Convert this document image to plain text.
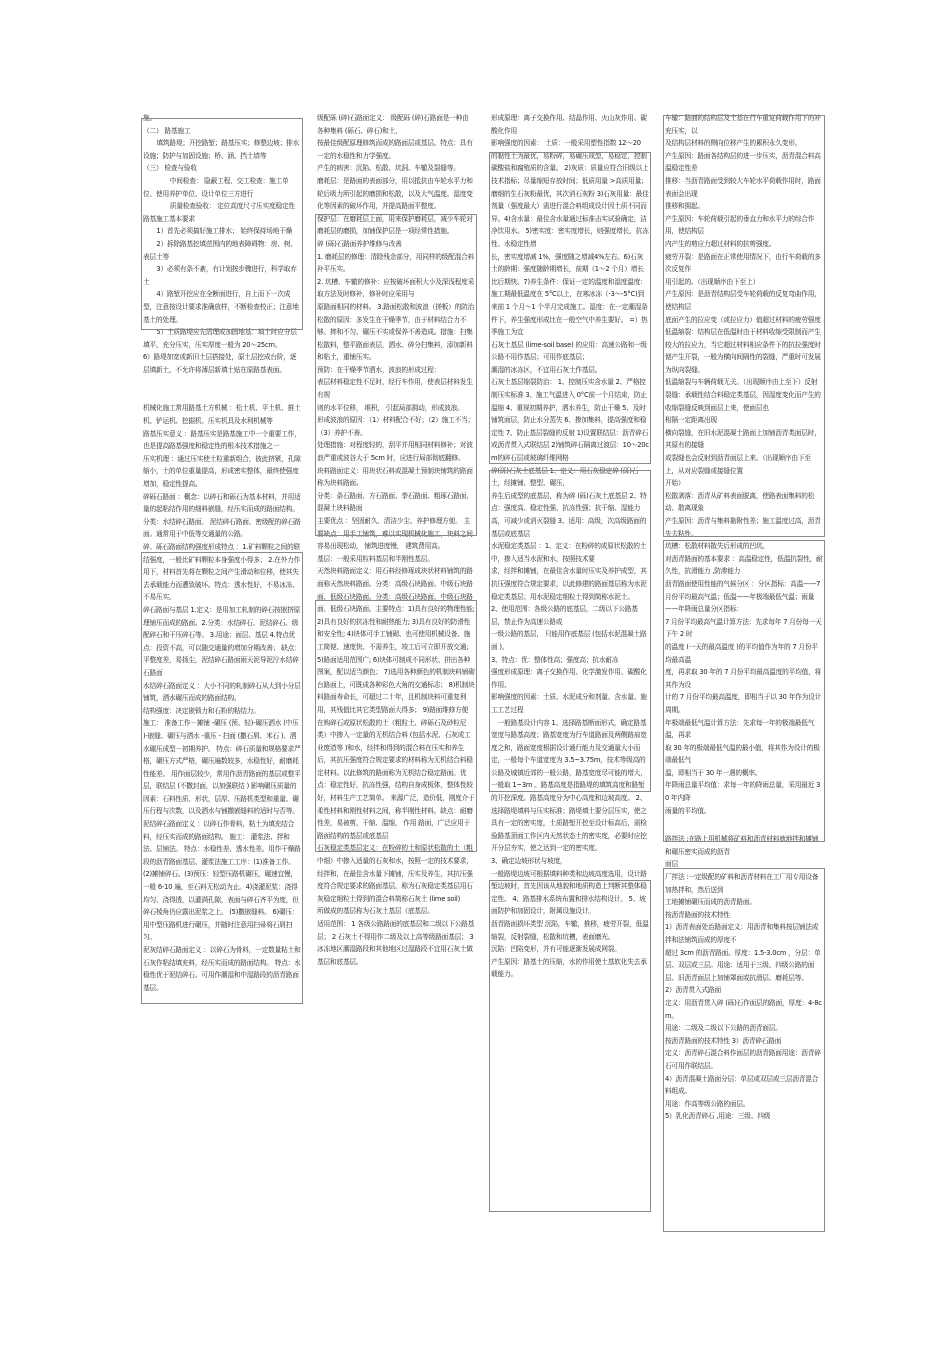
施。

（二） 路基施工

填筑路堤；开挖路堑；路基压实；修整边坡；排水设施；防护与加固设施；桥、涵、挡土墙等

（三） 检查与验收

中间检查： 隐蔽工程、交工检查：施工单位、使用养护单位、设计单位三方进行

质量检查验收： 定位高度尺寸压实度稳定性

路基施工基本要求

1）首先必须搞好施工排水； 始终保持场地干燥

2）拆除路基挖填范围内的地表障碍物：房、树、表层土等

3）必须有条不紊，有计划按步骤进行，科学取弃土

4）路堑开挖应在全断面进行，自上而下一次成型，注意按设计要求准确放样，不断检查校正；注意地基土的处理。

5）土质路堤应先清理或加固地基：填土时应分层填平，充分压实，压实厚度一般为 20～25cm。

6）路堤加宽或新旧土层搭接处，原土层挖成台阶，逐层填新土，不允许将薄层新填土贴在原路基表面。

机械化施工常用路基土方机械 ：松土机、平土机、推土机、铲运机、挖掘机、压实机具及水利机械等

路基压实意义 ：路基压实是路基施工中一个重要工作，也是提高路基强度和稳定性的根本技术措施之一

压实机理 ：通过压实使土粒重新组合，彼此挤紧，孔隙缩小，土的单位重量提高，形成密实整体，最终使强度增加，稳定性提高。

碎砾石路面 ：概念：以碎石和砾石为基本材料，并用适量的起粘结作用的细料嵌缝，经压实而成的路面结构。

分类：水结碎石路面、 泥结碎石路面、密级配的碎石路面。通常用于中低等交通量的公路。

碎、砾石路面结构强度形成特点 ：1.矿料颗粒之间的联结强度，一般比矿料颗粒本身强度小得多； 2.在外力作用下，材料首先将在颗粒之间产生滑动和位移，使其失去承载能力而遭致破坏。特点：透水性好，不易冰冻、不易压实。

碎石路面与基层 1.定义：是用加工轧制的碎石按嵌挤原理铺压而成的路面。2.分类：水结碎石、泥结碎石、级配碎石和干压碎石等。 3.用途：面层、基层 4.特点优点：投资不高，可以随交通量的增加分期改善； 缺点：平整度差，易扬尘，泥结碎石路面雨天泥导泥泞水结碎石路面

水结碎石路面定义 ：大小不同的轧制碎石从大到小分层铺筑，洒水碾压而成的路面结构。

结构强度：决定嵌锁力和石粉的粘结力。

施工： 准备工作－摊铺 -碾压 (预、轻)-碾压洒水 (中压 )-嵌缝、碾压与洒水 -重压 - 扫面 (撒石屑、米石 )、洒水碾压成型－初期养护。 特点：碎石质量和规格要求严格，碾压方式严格，碾压遍数较多，水稳性好，耐磨耗性能差。 用作面层较少，常用作沥青路面的基层或整平层，联结层 (不撒封面，以加强联结 ) 影响碾压质量的因素：石料性质、形状，层厚、压路机类型和重量、碾压行程与次数，以及洒水与铺撒嵌缝料的适时与否等。

泥结碎石路面定义 ：以碎石作骨料，粘土为填充结合料，经压实而成的路面结构。 施工： 灌浆法、拌和法、层铺法。 特点：水稳性差、透水性差。用作干燥路段的沥青路面基层、灌浆法施工工序：(1)准备工作。(2)摊铺碎石。(3)预压：轻型压路机碾压，碾速宜慢，一般 6-10 遍，至石料无松动为止。4)浇灌泥浆：浇得均匀、浇得透，以灌满孔隙，表面与碎石齐平为度，但碎石棱角仍应露出泥浆之上。 (5)撒嵌缝料。 6)碾压：用中型压路机进行碾压，并随时注意用扫帚将石屑扫匀。

泥灰结碎石路面定义 ：以碎石为骨料，一定数量粘土和石灰作粘结填充料，经压实而成的路面结构。 特点：水稳性优于泥结碎石。可用作潮湿和中湿路段的沥青路面基层。

级配砾 (碎)石路面定义： 级配砾 (碎)石路面是一种由各种集料 (砾石、碎石)和土，

按最佳级配原理修筑而成的路面层或基层。特点：具有一定的水稳性和力学强度。

产生的病害：沉陷、松散、坑洞、车辙及裂缝等。

磨耗层：是路面的表面部分，用以抵抗由车轮水平力和轮后吸力所引起的磨损和松散，以及大气温度、湿度变化等因素的破坏作用，并提高路面平整度。

保护层：在磨耗层上面，用来保护磨耗层，减少车轮对磨耗层的磨损，加铺保护层是一项经常性措施。

碎 (砾)石路面养护维修与改善

1. 磨耗层的修理：清除残余部分，用同样的级配混合料补平压实。

2. 坑槽、车辙的修补：应按破坏面积大小及深浅程度采取方法及时修补，修补时应采用与

原路面相同的材料。 3.路面松散和波浪（搓板）的防治

松散的原因：多发生在干燥季节，由于材料结合力不够、摔和不匀、碾压不实或保养不善造成。措施：扫集松散料，整平路面表层，洒水、碎分扫集料，添加新料和粘土，重铺压实。

预防：在干燥季节洒水，波浪的形成过程：

表层材料稳定性不足时，经行车作用，使表层材料发生有规

则的水平位移， 堆积， 引起局部拥动，形成波浪。

形成波浪的原因：（1）材料配合不好；（2）施工不当；（3）养护不善。

处理措施：对程度轻的，刮平并用相同材料修补；对波浪严重或波谷大于 5cm 时，应进行局部彻底翻修。

块料路面定义：用块状石料或混凝土预制块铺筑的路面称为块料路面。

分类：条石路面、方石路面、拳石路面、粗琢石路面、混凝土块料路面

主要优点 ：坚固耐久、清洁少尘、养护修理方便。 主要缺点：用手工铺筑，难以实现机械化施工，块料之间容易出现松动， 铺筑进度慢， 建筑费用高。

基层：一般采用粒料基层和半刚性基层。

天然块料路面定义：用石料经修琢成块状材料铺筑的路面称天然块料路面。分类：高级石块路面、中级石块路面、低级石块路面。分类：高级石块路面、中级石块路面、低级石块路面。主要特点：1)具有良好的物理性能; 2)具有良好的抗冻性和耐热能力; 3)具有良好的防滑性和安全性; 4)块体可手工铺砌、也可使用机械设备、施工简便、速度快、不需养生，竣工后可立即开放交通； 5)路面适用范围广; 6)块体可制成不同形状、拼出各种图案，配以适当颜色； 7)选用各种颜色的机制块料铺砌台路面上，可既成各种彩色大角的交通标志； 8)机制块料路面寿命长，可超过二十年，且机制块料可重复利用，其残值比其它类型路面大得多； 9)路面维修方便

在购碎石或原状松散的土（粗粒土、碎砾石及砂粒尼类）中掺入一定量的无机结合料 (包括水泥、石灰或工业废渣等 )和水，经拌和得到的混合料在压实和养生后，其抗压强度符合规定要求的材料称为无机结合料稳定材料。以此修筑的路面称为无机结合稳定路面。优点：稳定性好，抗冻性强，结构自身成板体，整体性较好，材料生产工艺简单。 来源广泛，造价低，刚度介于柔性材料和刚性材料之间，称半刚性材料。缺点：耐磨性差，易被剪，干缩、温缩， 作用 路面，广泛应用于路面结构的基层或底基层

石灰稳定类基层定义：在粉碎的土和原状松散的土（粗中细）中掺入适量的石灰和水，按照一定的技术要求，经拌和，在最佳含水量下摊铺，压实及养生，其抗压强度符合规定要求的路面基层，称为石灰稳定类基层用石灰稳定细粒土得到的混合料简称石灰土 (lime soil)

所做成的基层称为石灰土基层（底基层。

适用范围： 1 各级公路路面的底基层和二级以下公路基层； 2 石灰土不得用作二级及以上高等级路面基层； 3 冰冻地区潮湿路段和其他地区过湿路段不宜用石灰土做基层和底基层。

形成原理：离子交换作用、结晶作用、火山灰作用、碳酸化作用

影响强度的因素： 土质：一般采用塑性指数 12～20 的黏性土为最优，易粉碎，易碾压成型，易稳定，控制碳酸盐和腐殖质的含量。 2)灰质：质量应符合旧级以上技术指标；尽量缩短存放时间；低质用量 >高质用量；磨细的生石灰粉最优，其次消石灰粉 3)石灰用量：最佳剂量（强度最大）需进行混合料组成设计因土质不同而异。4)含水量：最佳含水量通过标准击实试验确定，洁净饮用水。 5)密实度：密实度增长，则强度增长，抗冻性、水稳定性增

长，密实度增减 1%，强度随之增减4%左右。6)石灰土的龄期：强度随龄期增长，前期（1～2 个月）增长比后期快。7)养生条件：保证一定的温度和湿度温度：施工期最低温度在 5°C以上，在寒冰冻（-3～-5°C)到来前 1 个月～1 个半月完成施工。湿度：在一定潮湿条件下，养生强度形成比在一般空气中养生要好。 =）热季施工为宜

石灰土基层 (lime-soil base) 的应用：高速公路和一级公路不用作基层；可用作底基层；

潮湿的冰冻区，不宜用石灰土作基层。

石灰土基层缩裂防治： 1、控制压实含水量 2、严格控制压实标准 3、施工气温进入 0°C前一个月结束，防止温缩 4、重视初期养护，洒水养生，防止干燥 5、及时铺筑面层，防止水分蒸失 6、掺加集料，提高强度和稳定性 7、防止基层裂缝的反射 1)设置联结层：沥青碎石或沥青贯入式联结层 2)铺筑碎石隔离过渡层：10～20cm的碎石层或玻璃纤维网格

碎(砾)石灰土底基层 1、定义：用石灰稳定碎 (砾)石土，经摊铺、整型、碾压，

养生后成型的底基层，称为碎 (砾)石灰土底基层 2、特点：强度高、稳定性强、抗冻性强；抗干缩、湿能力高，可减少或消灭裂缝 3、适用：高级，次高级路面的基层或底基层

水泥稳定类基层 ：1、定义：在粉碎的或原状松散的土中，掺入适当水泥和水，按照技术要

求，经拌和摊铺，在最佳含水量时压实及养护成型，其抗压强度符合规定要求，以此修建的路面基层称为水泥稳定类基层；用水泥稳定细粒土得到简称水泥土。

2、使用范围：各级公路的底基层，二级以下公路基层，禁止作为高速公路或

一级公路的基层， 只能用作底基层 (包括水泥混凝土路面 )。

3、特点：优：整体性高；强度高；抗水耐冻

强度形成原理：离子交换作用、化学激发作用、碳酸化作用、

影响强度的因素：土质、水泥成分和剂量、含水量、施工工艺过程

一般路基设计内容 1、选择路基断面形式，确定路基宽度与路基高度；路基宽度为行车道路面及两侧路肩宽度之和，路面宽度根据设计通行能力及交通量大小而定，一般每个车道宽度为 3.5~3.75m，技术等级高的公路及城镇近郊的一般公路，路基宽度尽可能的增大，一般取 1~3m 。路基高度是指路堤的填筑高度和路堑的开挖深度。路基高度分为中心高度和边坡高度。 2、选择路堤填料与压实标准；路堤填土要分层压实，使之具有一定的密实度，土质路堑开挖至设计标高后，需检验路基顶面工作区内天然状态土的密实度，必要时应挖开分层夯实，使之达到一定的密实度。

3、确定边坡形状与坡度，

一般路堤边坡可根据填料种类和边坡高度选用，设计路堑边坡时，首先因该从地貌和地质构造上判断其整体稳定性。 4、路基排水系统布置和排水结构设计。 5、坡面防护和加固设计，附属设施设计。

沥青路面损坏类型 沉陷，车辙，推移，疲劳开裂，低温缩裂，反射裂缝，松散和坑槽，表面磨光。

沉陷：凹陷变形，并有可能逐渐发展成网裂。

产生原因：路基土的压缩，水的作用使土基软化失去承载能力。

车辙：路面的结构层及土基在行车重复荷载作用下的补充压实，以

及结构层材料的侧向位移产生的累积永久变形。

产生原因：路面各结构层的进一步压实，沥青混合料高温稳定性差

推移：当沥青路面受到较大车轮水平荷载作用时，路面表面会出现

推移和拥起。

产生原因：车轮荷载引起的垂直力和水平力的综合作用，使结构层

内产生的剪应力超过材料的抗剪强度。

疲劳开裂：是路面在正常使用情况下，由行车荷载的多次反复作

用引起的。（出现顺序由下至上）

产生原因：是沥青结构层受车轮荷载的反复弯曲作用，使结构层

底面产生的拉应变（或拉应力）值超过材料的疲劳强度

低温缩裂：结构层在低温时由于材料收缩受限制而产生较大的拉应力，当它超过材料相应条件下的抗拉强度时便产生开裂，一般为横向间隔性的裂缝，严重时可发展为纵向裂缝。

低温缩裂与车辆荷载无关。（出现顺序由上至下）反射裂缝：承载性结合料稳定类基层，因湿度变化而产生的收缩裂缝反映到面层上来，使面层也

相隔一定距离出现

横向裂缝，在旧水泥混凝土路面上加铺沥青类面层时，其原有的接缝

或裂缝也会反射到沥青面层上来。（出现顺序由下至上，从对应裂缝或接缝位置

开始）

松散剥落：沥青从矿料表面脱离，使路表面集料的松动、散离现象

产生原因：沥青与集料黏附性差；施工温度过高，沥青失去粘性。

坑槽：松散材料散失后形成的凹坑。

对沥青路面的基本要求 ：高温稳定性，低温抗裂性，耐久性，抗滑能力 ,防渗能力

沥青路面使用性能的气候分区 ：分区指标：高温——7 月份平均最高气温；低温——年极端最低气温；雨量——年降雨总量分区指标：

7 月份平均最高气温计算方法：先求每年 7 月份每一天下午 2 时

的温度 (一天的最高温度 )的平均值作为年的 7 月份平均最高温

度，再求取 30 年的 7 月份平均最高温度的平均值，将其作为设

计的 7 月份平均最高温度，即相当于以 30 年作为设计周期。

年极端最低气温计算方法：先求每一年的极端最低气温，再求

取 30 年的极端最低气温的最小值，将其作为设计的极端最低气

温，即相当于 30 年一遇的概率。

年降雨总量平均值：求每一年的降雨总量，采用最近 30 年内降

雨量的平均值。

路拌法 :在路上用机械将矿料和沥青材料就地拌和摊铺和碾压密实而成的沥青

面层

厂拌法 :一定级配的矿料和沥青材料在工厂用专用设备加热拌和，然后送到

工地摊铺碾压而成的沥青路面。

按沥青路面的技术特性

1）沥青表面处治路面定义：用沥青和集料按层铺法或拌和法铺筑而成的厚度不

超过 3cm 的沥青路面。厚度：1.5-3.0cm ，分层：单层、双层或三层。用途：适用于三级、四级公路的面层、旧沥青面层上加铺罩面或抗滑层、磨耗层等。

2）沥青贯入式路面

定义：用沥青贯入碎 (砾)石作面层的路面，厚度：4-8cm。

用途：二级及二级以下公路的沥青面层。

按沥青路面的技术特性 3）沥青碎石路面

定义：沥青碎石混合料作面层的沥青路面用途：沥青碎石可用作联结层。

4）沥青混凝土路面分层：单层或双层或三层沥青混合料组成。

用途：作高等级公路的面层。

5）乳化沥青碎石 ,用途：三级、四级
